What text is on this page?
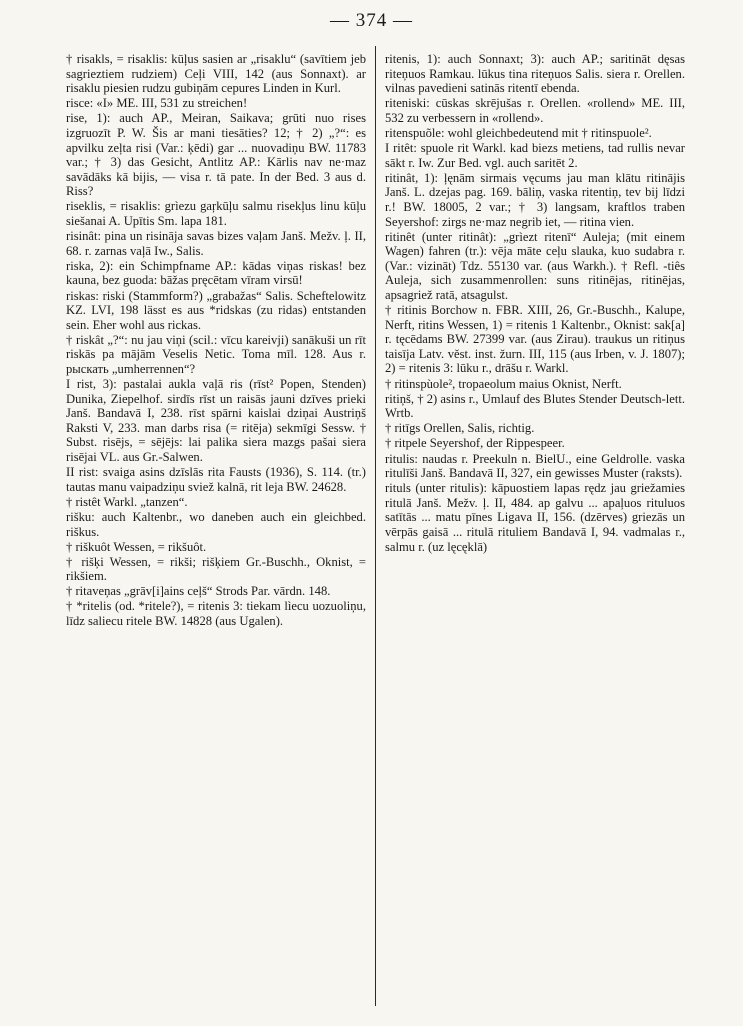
— 374 —
† risakls, = risaklis: kūļus sasien ar „risaklu“ (savītiem jeb sagrieztiem rudziem) Ceļi VIII, 142 (aus Sonnaxt). ar risaklu piesien rudzu gubiņām cepures Linden in Kurl.
risce: «I» ME. III, 531 zu streichen!
rise, 1): auch AP., Meiran, Saikava; grūti nuo rises izgruozīt P. W. Šis ar mani tiesāties? 12; † 2) „?“: es apvilku zeļta risi (Var.: ķēdi) gar ... nuovadiņu BW. 11783 var.; † 3) das Gesicht, Antlitz AP.: Kārlis nav ne·maz savādāks kā bijis, — visa r. tā pate. In der Bed. 3 aus d. Riss?
riseklis, = risaklis: grìezu gaŗkūļu salmu risekļus linu kūļu siešanai A. Upītis Sm. lapa 181.
risinât: pina un risināja savas bizes vaļam Janš. Mežv. ļ. II, 68. r. zarnas vaļā Iw., Salis.
riska, 2): ein Schimpfname AP.: kādas viņas riskas! bez kauna, bez guoda: bāžas pręcētam vīram virsū!
riskas: riski (Stammform?) „grabažas“ Salis. Scheftelowitz KZ. LVI, 198 lässt es aus *ridskas (zu ridas) entstanden sein. Eher wohl aus rickas.
† riskât „?“: nu jau viņi (scil.: vīcu kareivji) sanākuši un rīt riskās pa mājām Veselis Netic. Toma mīl. 128. Aus r. рыскать „umherrennen“?
I rist, 3): pastalai aukla vaļā ris (rīst² Popen, Stenden) Dunika, Ziepelhof. sirdīs rīst un raisās jauni dzīves prieki Janš. Bandavā I, 238. rīst spārni kaislai dziņai Austriņš Raksti V, 233. man darbs risa (= ritēja) sekmīgi Sessw. † Subst. risējs, = sējējs: lai palika siera mazgs pašai siera risējai VL. aus Gr.-Salwen.
II rist: svaiga asins dzīslās rita Fausts (1936), S. 114. (tr.) tautas manu vaipadziņu sviež kalnā, rit leja BW. 24628.
† ristêt Warkl. „tanzen“.
rišku: auch Kaltenbr., wo daneben auch ein gleichbed. riškus.
† riškuôt Wessen, = rikšuôt.
† rišķi Wessen, = rikši; rišķiem Gr.-Buschh., Oknist, = rikšiem.
† ritaveņas „grāv[i]ains ceļš“ Strods Par. vārdn. 148.
† *ritelis (od. *ritele?), = ritenis 3: tiekam lìecu uozuoliņu, līdz saliecu ritele BW. 14828 (aus Ugalen).
ritenis, 1): auch Sonnaxt; 3): auch AP.; saritināt dęsas riteņuos Ramkau. lūkus tina riteņuos Salis. siera r. Orellen. vilnas pavedieni satinās ritentī ebenda.
riteniski: cūskas skrējušas r. Orellen. «rollend» ME. III, 532 zu verbessern in «rollend».
ritenspuõle: wohl gleichbedeutend mit † ritinspuole².
I ritêt: spuole rit Warkl. kad biezs metiens, tad rullis nevar sākt r. Iw. Zur Bed. vgl. auch saritēt 2.
ritinât, 1): ļęnām sirmais vęcums jau man klātu ritinājis Janš. L. dzejas pag. 169. bāliņ, vaska ritentiņ, tev bij līdzi r.! BW. 18005, 2 var.; † 3) langsam, kraftlos traben Seyershof: zirgs ne·maz negrib iet, — ritina vien.
ritinêt (unter ritinât): „grìezt ritenī“ Auleja; (mit einem Wagen) fahren (tr.): vēja māte ceļu slauka, kuo sudabra r. (Var.: vizināt) Tdz. 55130 var. (aus Warkh.). † Refl. -tiês Auleja, sich zusammenrollen: suns ritinējas, ritinējas, apsagriež ratā, atsagulst.
† ritinis Borchow n. FBR. XIII, 26, Gr.-Buschh., Kalupe, Nerft, ritins Wessen, 1) = ritenis 1 Kaltenbr., Oknist: sak[a] r. tęcēdams BW. 27399 var. (aus Zirau). traukus un ritiņus taisīja Latv. věst. inst. žurn. III, 115 (aus Irben, v. J. 1807); 2) = ritenis 3: lūku r., drāšu r. Warkl.
† ritinspùole², tropaeolum maius Oknist, Nerft.
ritiņš, † 2) asins r., Umlauf des Blutes Stender Deutsch-lett. Wrtb.
† ritīgs Orellen, Salis, richtig.
† ritpele Seyershof, der Rippespeer.
ritulis: naudas r. Preekuln n. BielU., eine Geldrolle. vaska ritulīši Janš. Bandavā II, 327, ein gewisses Muster (raksts).
rituls (unter ritulis): kāpuostiem lapas rędz jau griežamies ritulā Janš. Mežv. ļ. II, 484. ap galvu ... apaļuos rituluos satītās ... matu pīnes Ligava II, 156. (dzērves) griezās un vērpās gaisā ... ritulā rituliem Bandavā I, 94. vadmalas r., salmu r. (uz lęcęklā)
